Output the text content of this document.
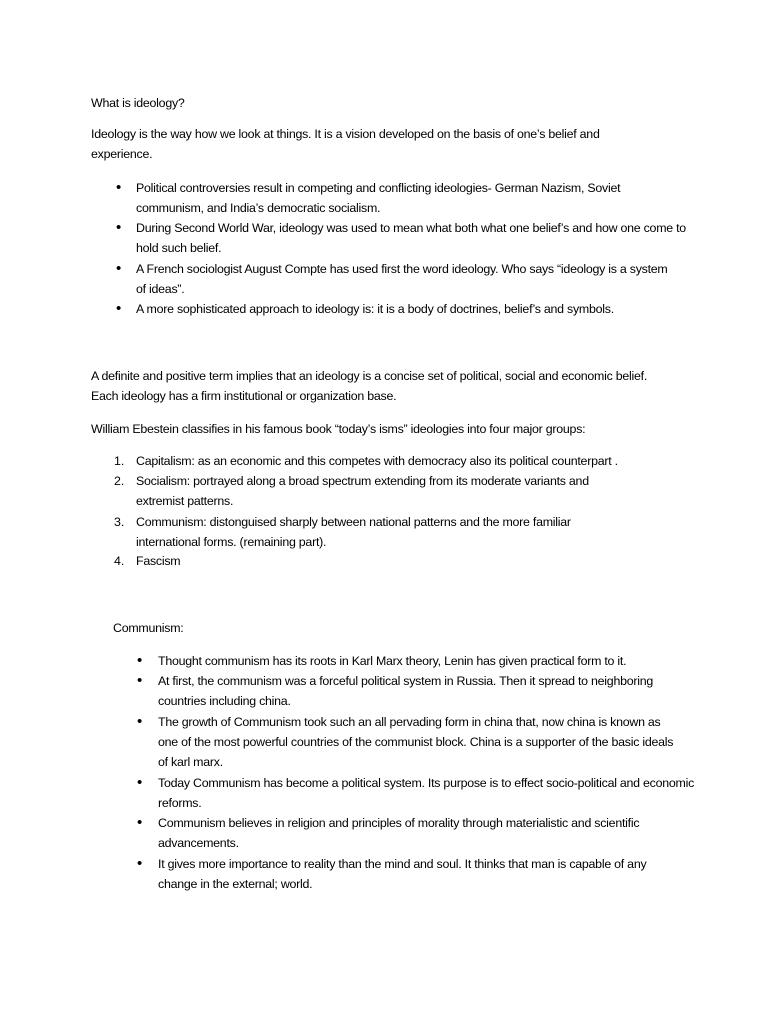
What is ideology?
Ideology is the way how we look at things. It is a vision developed on the basis of one’s belief and experience.
• Political controversies result in competing and conflicting ideologies- German Nazism, Soviet communism, and India’s democratic socialism.
• During Second World War, ideology was used to mean what both what one belief’s and how one come to hold such belief.
• A French sociologist August Compte has used first the word ideology. Who says “ideology is a system of ideas”.
• A more sophisticated approach to ideology is: it is a body of doctrines, belief’s and symbols.
A definite and positive term implies that an ideology is a concise set of political, social and economic belief. Each ideology has a firm institutional or organization base.
William Ebestein classifies in his famous book “today’s isms” ideologies into four major groups:
1. Capitalism: as an economic and this competes with democracy also its political counterpart .
2. Socialism: portrayed along a broad spectrum extending from its moderate variants and extremist patterns.
3. Communism: distonguised sharply between national patterns and the more familiar international forms. (remaining part).
4. Fascism
Communism:
• Thought communism has its roots in Karl Marx theory, Lenin has given practical form to it.
• At first, the communism was a forceful political system in Russia. Then it spread to neighboring countries including china.
• The growth of Communism took such an all pervading form in china that, now china is known as one of the most powerful countries of the communist block. China is a supporter of the basic ideals of karl marx.
• Today Communism has become a political system. Its purpose is to effect socio-political and economic reforms.
• Communism believes in religion and principles of morality through materialistic and scientific advancements.
• It gives more importance to reality than the mind and soul. It thinks that man is capable of any change in the external; world.
